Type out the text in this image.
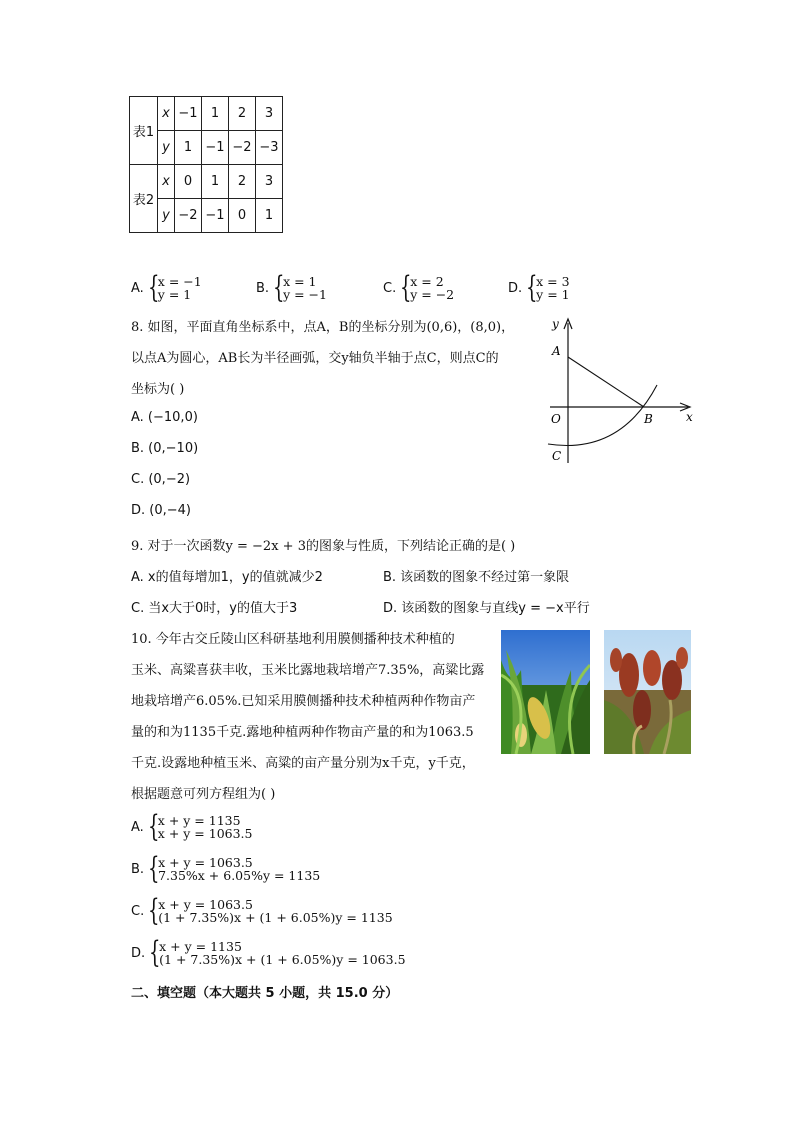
表1	x	−1	1	2	3
	y	1	−1	−2	−3
表2	x	0	1	2	3
	y	−2	−1	0	1
A. {
x = −1
y = 1	B. {
x = 1
y = −1	C. {
x = 2
y = −2	D. {
x = 3
y = 1
8. 如图，平面直角坐标系中，点A，B的坐标分别为(0,6)，(8,0)，
以点A为圆心，AB长为半径画弧，交y轴负半轴于点C，则点C的
坐标为( )
A. (−10,0)
B. (0,−10)
C. (0,−2)
D. (0,−4)
y
x
A
O	B
C
9. 对于一次函数y = −2x + 3的图象与性质，下列结论正确的是( )
A. x的值每增加1，y的值就减少2	B. 该函数的图象不经过第一象限
C. 当x大于0时，y的值大于3	D. 该函数的图象与直线y = −x平行
10. 今年古交丘陵山区科研基地利用膜侧播种技术种植的
玉米、高粱喜获丰收，玉米比露地栽培增产7.35%，高粱比露
地栽培增产6.05%.已知采用膜侧播种技术种植两种作物亩产
量的和为1135千克.露地种植两种作物亩产量的和为1063.5
千克.设露地种植玉米、高粱的亩产量分别为x千克，y千克，
根据题意可列方程组为( )
A. {
x + y = 1135
x + y = 1063.5
B. {
x + y = 1063.5
7.35%x + 6.05%y = 1135
C. {
x + y = 1063.5
(1 + 7.35%)x + (1 + 6.05%)y = 1135
D. {
x + y = 1135
(1 + 7.35%)x + (1 + 6.05%)y = 1063.5
二、填空题（本大题共 5 小题，共 15.0 分）
